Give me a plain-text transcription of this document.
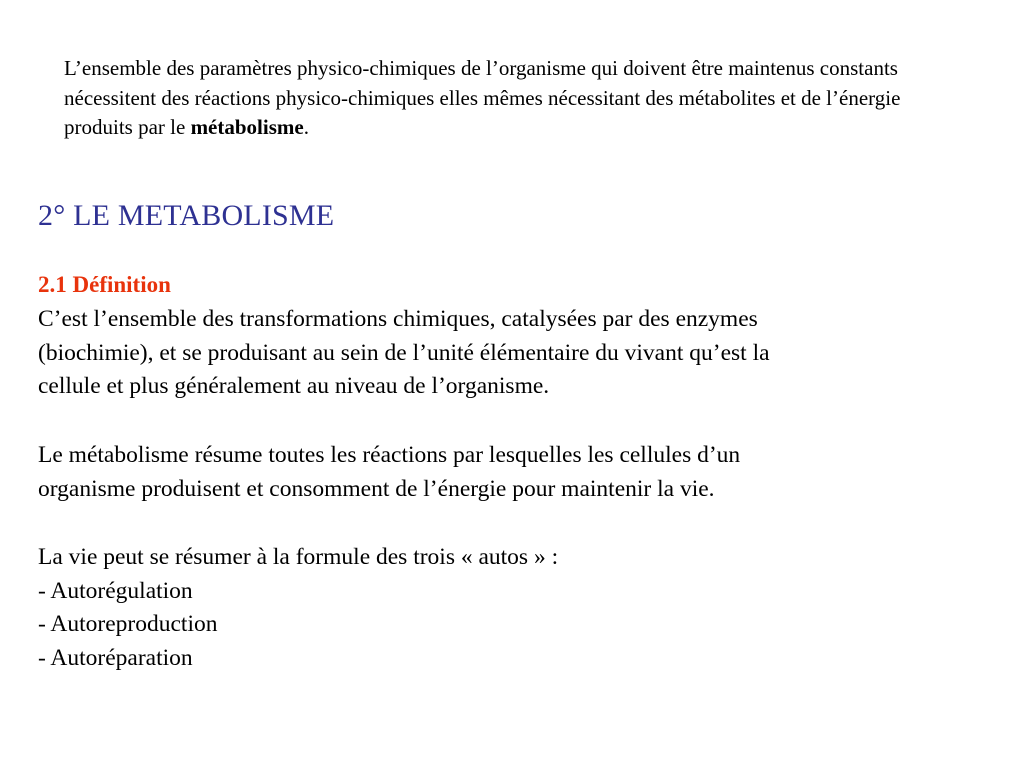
L’ensemble des paramètres physico-chimiques de l’organisme qui doivent être maintenus constants nécessitent des réactions physico-chimiques elles mêmes nécessitant des métabolites et de l’énergie produits par le métabolisme.

2° LE METABOLISME
2.1 Définition
C’est l’ensemble des transformations chimiques, catalysées par des enzymes
(biochimie), et se produisant au sein de l’unité élémentaire du vivant qu’est la
cellule et plus généralement au niveau de l’organisme.
Le métabolisme résume toutes les réactions par lesquelles les cellules d’un
organisme produisent et consomment de l’énergie pour maintenir la vie.
La vie peut se résumer à la formule des trois « autos » :
- Autorégulation
- Autoreproduction
- Autoréparation
